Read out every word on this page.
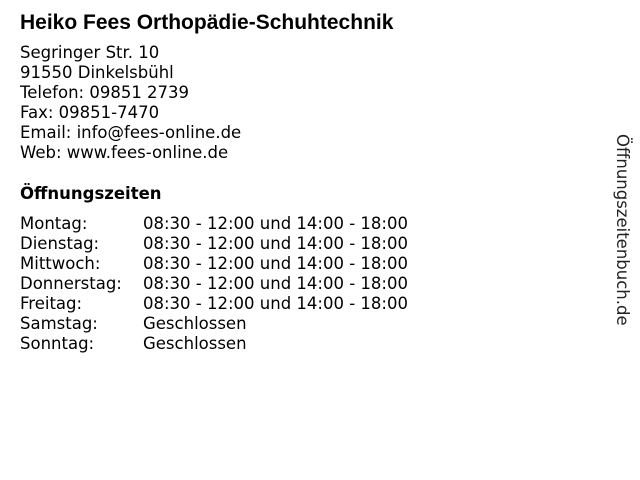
Heiko Fees Orthopädie-Schuhtechnik
Segringer Str. 10
91550 Dinkelsbühl
Telefon: 09851 2739
Fax: 09851-7470
Email: info@fees-online.de
Web: www.fees-online.de
Öffnungszeiten
Montag:	08:30 - 12:00 und 14:00 - 18:00
Dienstag:	08:30 - 12:00 und 14:00 - 18:00
Mittwoch:	08:30 - 12:00 und 14:00 - 18:00
Donnerstag: 08:30 - 12:00 und 14:00 - 18:00
Freitag:	08:30 - 12:00 und 14:00 - 18:00
Samstag:	Geschlossen
Sonntag:	Geschlossen
Öffnungszeitenbuch.de
